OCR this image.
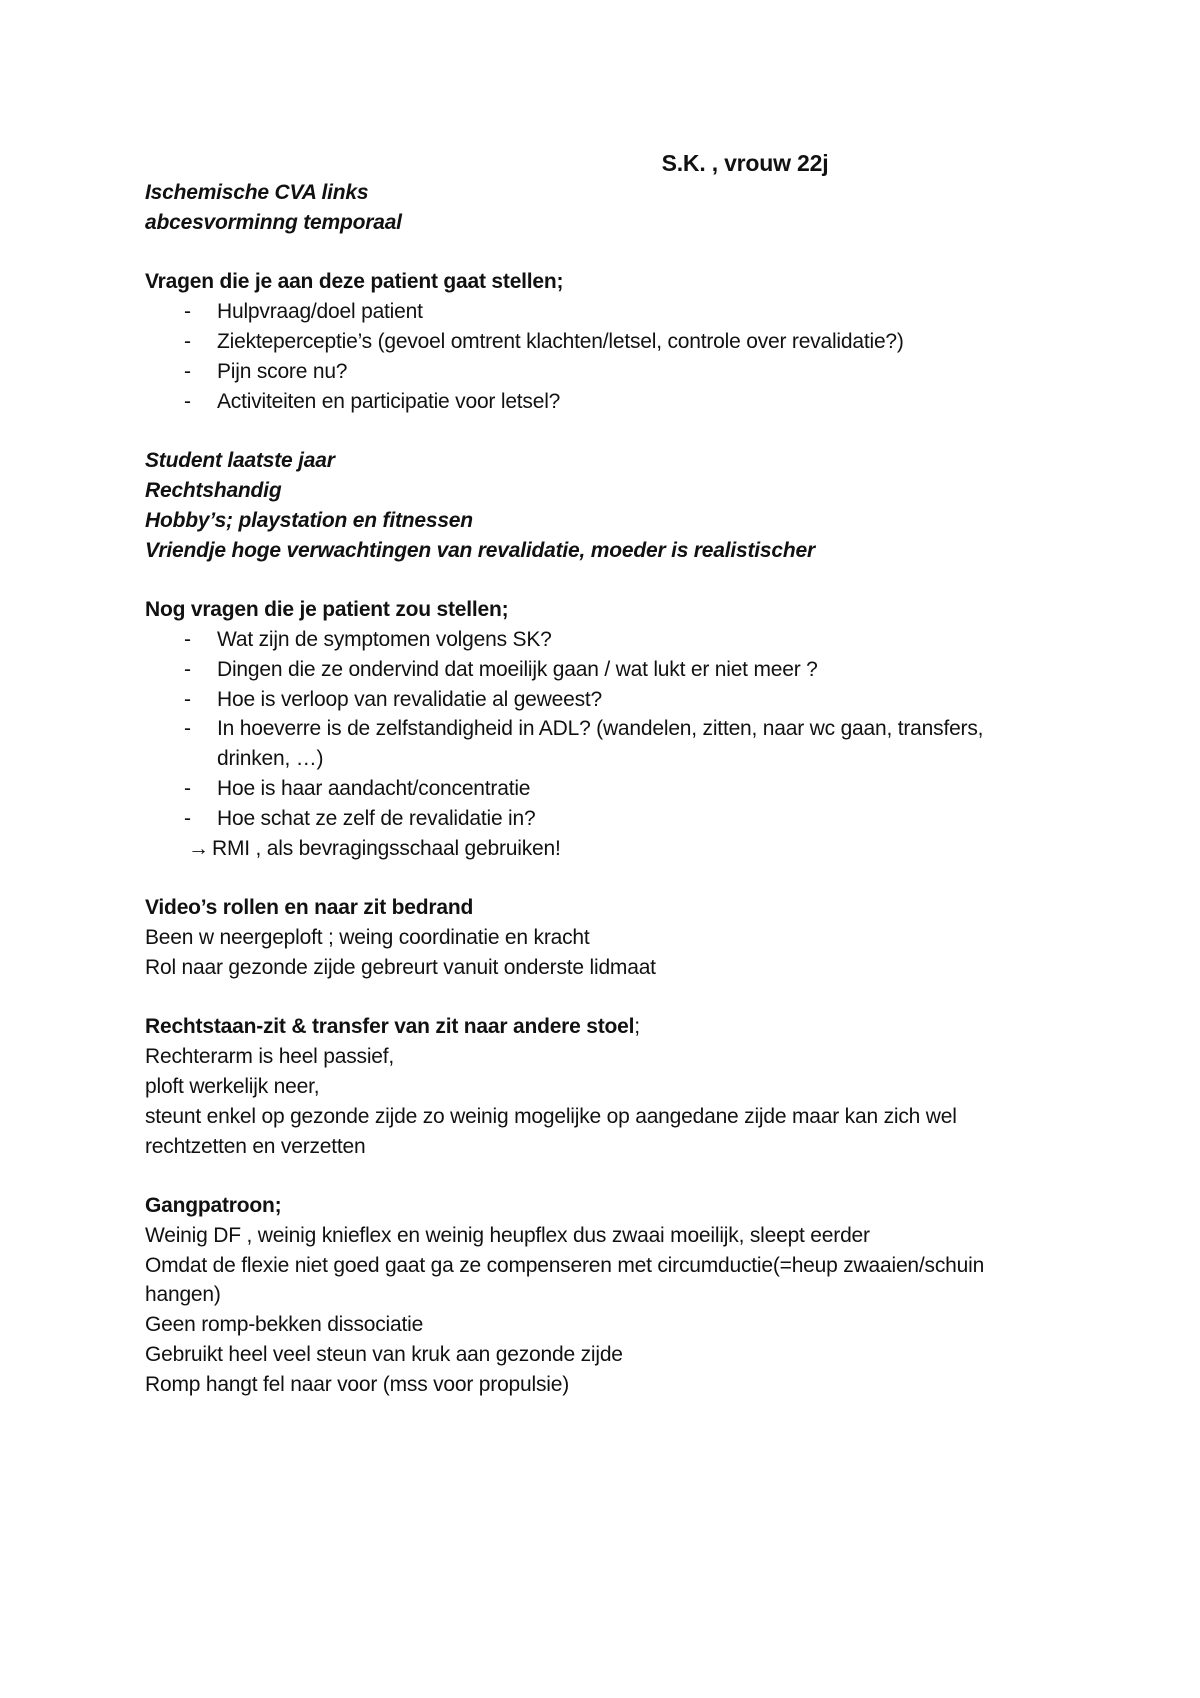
S.K. , vrouw 22j

Ischemische CVA links

abcesvorminng temporaal

Vragen die je aan deze patient gaat stellen;

- Hulpvraag/doel patient
- Ziekteperceptie’s (gevoel omtrent klachten/letsel, controle over revalidatie?)
- Pijn score nu?
- Activiteiten en participatie voor letsel?

Student laatste jaar

Rechtshandig

Hobby’s; playstation en fitnessen

Vriendje hoge verwachtingen van revalidatie, moeder is realistischer

Nog vragen die je patient zou stellen;

- Wat zijn de symptomen volgens SK?
- Dingen die ze ondervind dat moeilijk gaan / wat lukt er niet meer ?
- Hoe is verloop van revalidatie al geweest?
- In hoeverre is de zelfstandigheid in ADL? (wandelen, zitten, naar wc gaan, transfers, drinken, …)
- Hoe is haar aandacht/concentratie
- Hoe schat ze zelf de revalidatie in?

→ RMI , als bevragingsschaal gebruiken!

Video’s rollen en naar zit bedrand

Been w neergeploft ; weing coordinatie en kracht

Rol naar gezonde zijde gebreurt vanuit onderste lidmaat

Rechtstaan-zit & transfer van zit naar andere stoel;

Rechterarm is heel passief,

ploft werkelijk neer,

steunt enkel op gezonde zijde zo weinig mogelijke op aangedane zijde maar kan zich wel rechtzetten en verzetten

Gangpatroon;

Weinig DF , weinig knieflex en weinig heupflex dus zwaai moeilijk, sleept eerder

Omdat de flexie niet goed gaat ga ze compenseren met circumductie(=heup zwaaien/schuin hangen)

Geen romp-bekken dissociatie

Gebruikt heel veel steun van kruk aan gezonde zijde

Romp hangt fel naar voor (mss voor propulsie)
